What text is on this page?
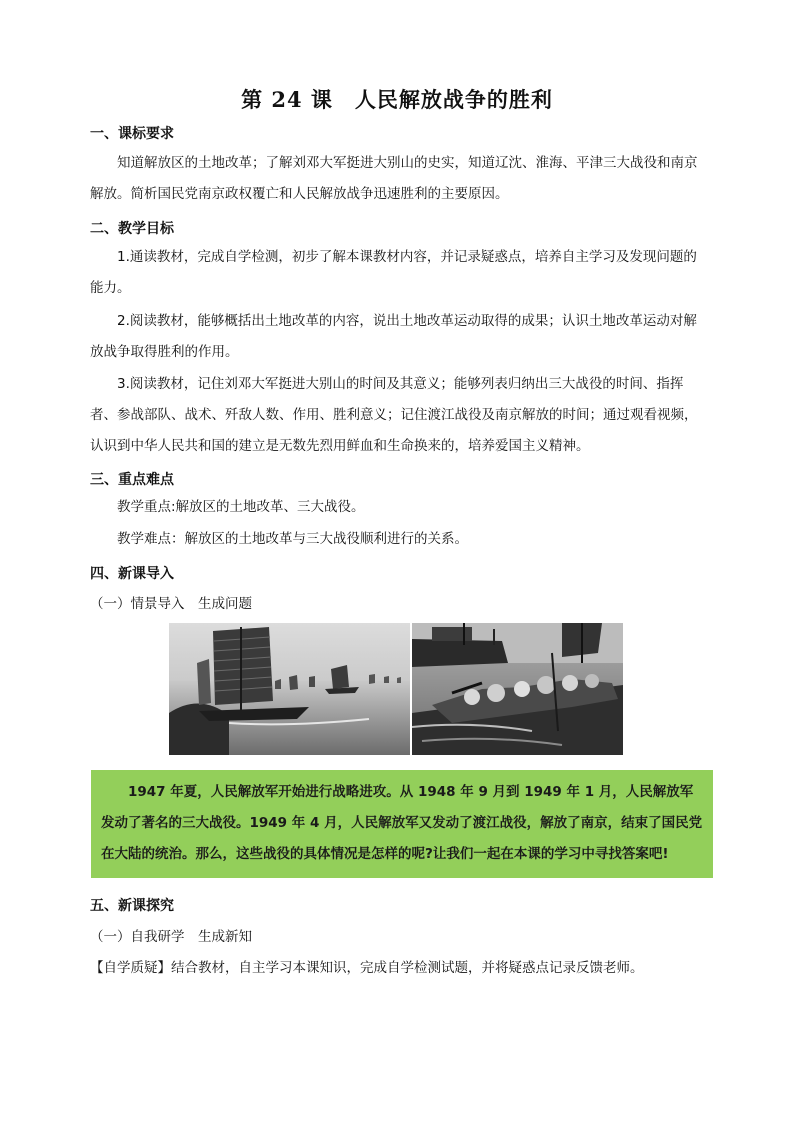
第 24 课　人民解放战争的胜利
一、课标要求
知道解放区的土地改革；了解刘邓大军挺进大别山的史实，知道辽沈、淮海、平津三大战役和南京解放。简析国民党南京政权覆亡和人民解放战争迅速胜利的主要原因。
二、教学目标
1.通读教材，完成自学检测，初步了解本课教材内容，并记录疑惑点，培养自主学习及发现问题的能力。
2.阅读教材，能够概括出土地改革的内容，说出土地改革运动取得的成果；认识土地改革运动对解放战争取得胜利的作用。
3.阅读教材，记住刘邓大军挺进大别山的时间及其意义；能够列表归纳出三大战役的时间、指挥者、参战部队、战术、歼敌人数、作用、胜利意义；记住渡江战役及南京解放的时间；通过观看视频，认识到中华人民共和国的建立是无数先烈用鲜血和生命换来的，培养爱国主义精神。
三、重点难点
教学重点:解放区的土地改革、三大战役。
教学难点：解放区的土地改革与三大战役顺利进行的关系。
四、新课导入
（一）情景导入　生成问题

1947 年夏，人民解放军开始进行战略进攻。从 1948 年 9 月到 1949 年 1 月，人民解放军发动了著名的三大战役。1949 年 4 月，人民解放军又发动了渡江战役，解放了南京，结束了国民党在大陆的统治。那么，这些战役的具体情况是怎样的呢?让我们一起在本课的学习中寻找答案吧!

五、新课探究
（一）自我研学　生成新知
【自学质疑】结合教材，自主学习本课知识，完成自学检测试题，并将疑惑点记录反馈老师。
